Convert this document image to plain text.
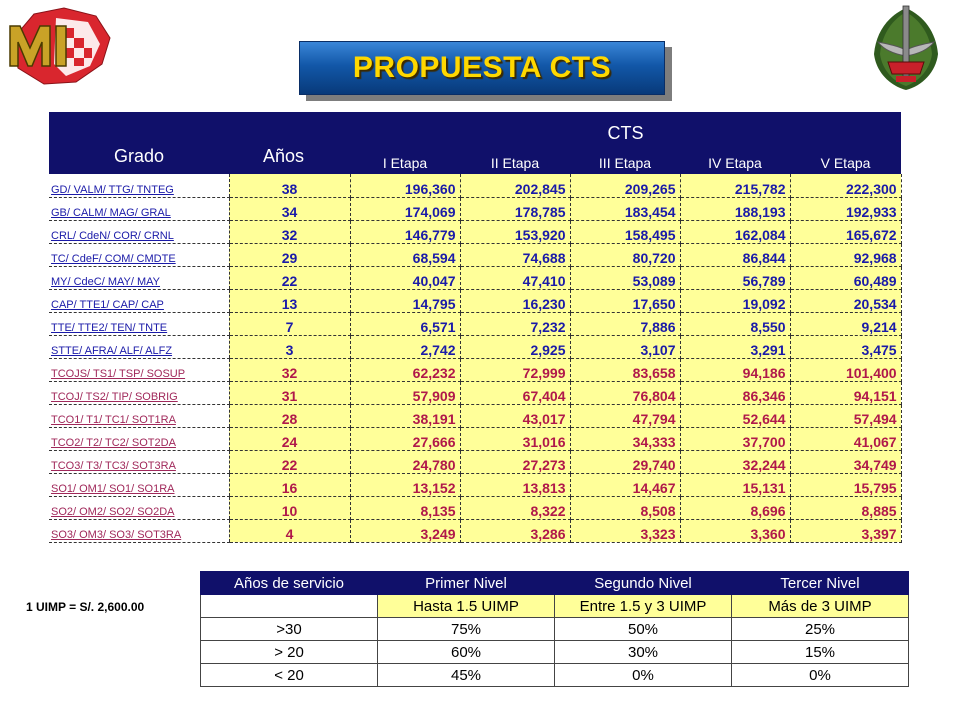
PROPUESTA CTS
		CTS				
Grado	Años	I Etapa	II Etapa	III Etapa	IV Etapa	V Etapa
GD/ VALM/ TTG/ TNTEG	38	196,360	202,845	209,265	215,782	222,300
GB/ CALM/ MAG/ GRAL	34	174,069	178,785	183,454	188,193	192,933
CRL/ CdeN/ COR/ CRNL	32	146,779	153,920	158,495	162,084	165,672
TC/ CdeF/ COM/ CMDTE	29	68,594	74,688	80,720	86,844	92,968
MY/ CdeC/ MAY/ MAY	22	40,047	47,410	53,089	56,789	60,489
CAP/ TTE1/ CAP/ CAP	13	14,795	16,230	17,650	19,092	20,534
TTE/ TTE2/ TEN/ TNTE	7	6,571	7,232	7,886	8,550	9,214
STTE/ AFRA/ ALF/ ALFZ	3	2,742	2,925	3,107	3,291	3,475
TCOJS/ TS1/ TSP/ SOSUP	32	62,232	72,999	83,658	94,186	101,400
TCOJ/ TS2/ TIP/ SOBRIG	31	57,909	67,404	76,804	86,346	94,151
TCO1/ T1/ TC1/ SOT1RA	28	38,191	43,017	47,794	52,644	57,494
TCO2/ T2/ TC2/ SOT2DA	24	27,666	31,016	34,333	37,700	41,067
TCO3/ T3/ TC3/ SOT3RA	22	24,780	27,273	29,740	32,244	34,749
SO1/ OM1/ SO1/ SO1RA	16	13,152	13,813	14,467	15,131	15,795
SO2/ OM2/ SO2/ SO2DA	10	8,135	8,322	8,508	8,696	8,885
SO3/ OM3/ SO3/ SOT3RA	4	3,249	3,286	3,323	3,360	3,397
1 UIMP = S/. 2,600.00
Años de servicio	Primer Nivel	Segundo Nivel	Tercer Nivel
	Hasta 1.5 UIMP	Entre 1.5 y 3 UIMP	Más de 3 UIMP
>30	75%	50%	25%
> 20	60%	30%	15%
< 20	45%	0%	0%
